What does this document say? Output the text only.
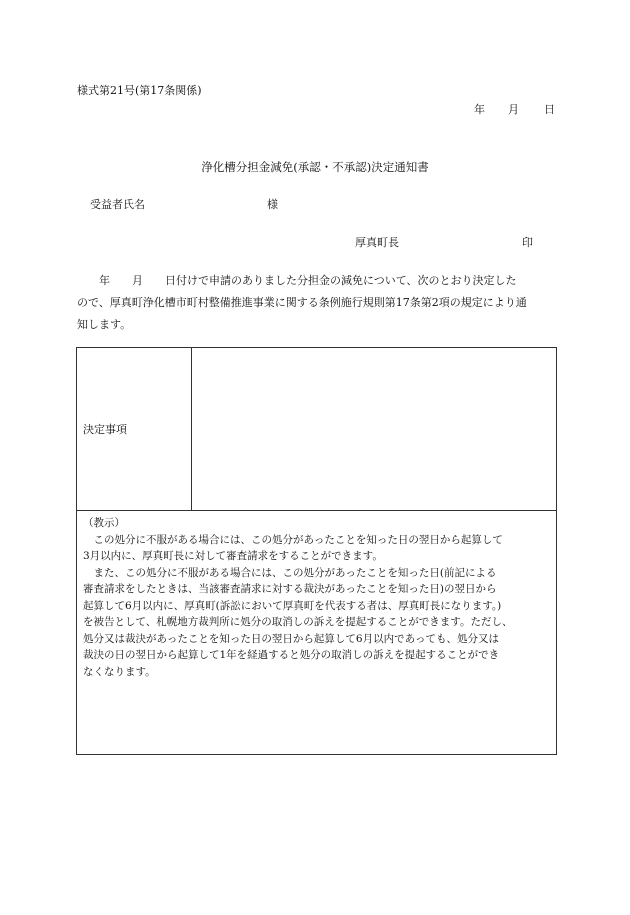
様式第21号(第17条関係)
年 月 日
浄化槽分担金減免(承認・不承認)決定通知書
受益者氏名	様
厚真町長	印
　　年　　月　　日付けで申請のありました分担金の減免について、次のとおり決定した
ので、厚真町浄化槽市町村整備推進事業に関する条例施行規則第17条第2項の規定により通
知します。
決定事項
（教示）
　この処分に不服がある場合には、この処分があったことを知った日の翌日から起算して
3月以内に、厚真町長に対して審査請求をすることができます。
　また、この処分に不服がある場合には、この処分があったことを知った日(前記による
審査請求をしたときは、当該審査請求に対する裁決があったことを知った日)の翌日から
起算して6月以内に、厚真町(訴訟において厚真町を代表する者は、厚真町長になります。)
を被告として、札幌地方裁判所に処分の取消しの訴えを提起することができます。ただし、
処分又は裁決があったことを知った日の翌日から起算して6月以内であっても、処分又は
裁決の日の翌日から起算して1年を経過すると処分の取消しの訴えを提起することができ
なくなります。
